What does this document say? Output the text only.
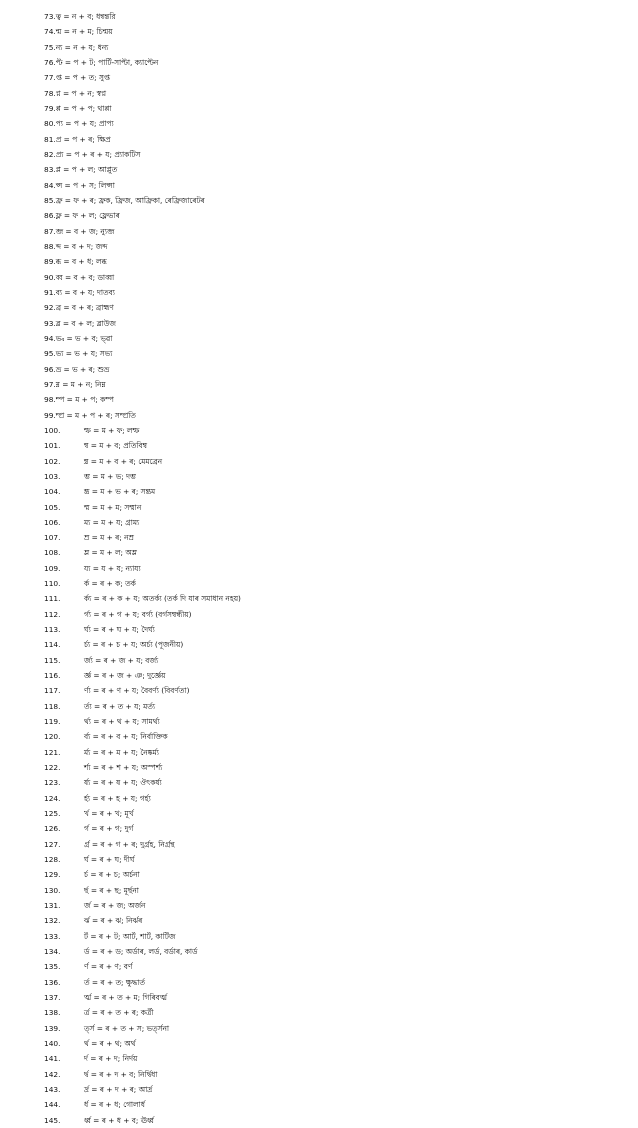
73.ত্ব = ন + ব; ধন্বন্তরি
74.ন্ম = ন + ম; চিন্ময়
75.ন্য = ন + য; ধন্য
76.প্ট = প + ট; পার্টি-সাপ্টা, ক্যাপ্টেন
77.প্ত = প + ত; সুপ্ত
78.প্ন = প + ন; স্বপ্ন
79.প্প = প + প; থাপ্পা
80.প্য = প + য; প্রাপ্য
81.প্র = প + ৰ; ক্ষিপ্ৰ
82.প্র্য = প + ৰ + য; প্ৰ্যাকটিস
83.প্ল = প + ল; আপ্লুত
84.প্স = প + স; লিপ্সা
85.ফ্র = ফ + ৰ; ফ্ৰক, ফ্ৰিজ, আফ্ৰিকা, ৰেফ্ৰিজাৰেটৰ
86.ফ্ল = ফ + ল; ফ্লেভাৰ
87.ব্জ = ব + জ; ন্যুব্জ
88.ব্দ = ব + দ; জব্দ
89.ব্ধ = ব + ধ; লব্ধ
90.ব্ব = ব + ব; ডাব্বা
91.ব্য = ব + য; দাতব্য
92.ব্র = ব + ৰ; ব্ৰাহ্মণ
93.ব্ল = ব + ল; ব্লাউজ
94.ভ্ব = ভ + ব; ভ্ৱা
95.ভ্য = ভ + য; সভ্য
96.ভ্র = ভ + ৰ; শুভ্ৰ
97.ম্ন = ম + ন; নিম্ন
98.ম্প = ম + প; কম্প
99.ম্প্র = ম + প + ৰ; সম্প্ৰতি
100.	ম্ফ = ম + ফ; লম্ফ
101.	ম্ব = ম + ব; প্রতিবিম্ব
102.	ম্ব্র = ম + ব + ৰ; মেমব্ৰেন
103.	ম্ভ = ম + ভ; দম্ভ
104.	ম্ভ্র = ম + ভ + ৰ; সম্ভ্ৰম
105.	ম্ম = ম + ম; সম্মান
106.	ম্য = ম + য; গ্ৰাম্য
107.	ম্র = ম + ৰ; নম্ৰ
108.	ম্ল = ম + ল; অম্ল
109.	য্য = য + য; ন্যায্য
110.	র্ক = ৰ + ক; তৰ্ক
111.	র্ক্য = ৰ + ক + য; অতৰ্ক্য (তৰ্ক দি যাৰ সমাধান নহয়)
112.	র্গ্য = ৰ + গ + য; বৰ্গ্য (বৰ্গসম্বন্ধীয়)
113.	র্ঘ্য = ৰ + ঘ + য; দৈৰ্ঘ্য
114.	র্চ্য = ৰ + চ + য; অৰ্চ্য (পূজনীয়)
115.	র্জ্য = ৰ + জ + য; বৰ্জ্য
116.	র্জ্ঞ = ৰ + জ + ঞ; দুৰ্জ্ঞেয়
117.	র্ণ্য = ৰ + ণ + য; বৈবৰ্ণ্য (বিবৰ্ণতা)
118.	র্ত্য = ৰ + ত + য; মৰ্ত্য
119.	র্থ্য = ৰ + থ + য; সামৰ্থ্য
120.	র্ব্য = ৰ + ব + য; নিৰ্বাক্তিক
121.	র্ম্য = ৰ + ম + য; নৈষ্কৰ্ম্য
122.	র্শ্য = ৰ + শ + য; অস্পৰ্শ্য
123.	র্ষ্য = ৰ + ষ + য; ঔৎকৰ্ষ্য
124.	র্হ্য = ৰ + হ + য; গৰ্হ্য
125.	র্খ = ৰ + খ; মূৰ্খ
126.	র্গ = ৰ + গ; দুৰ্গ
127.	র্গ্র = ৰ + গ + ৰ; দুৰ্গ্ৰহ, নিৰ্গ্ৰন্থ
128.	র্ঘ = ৰ + ঘ; দীৰ্ঘ
129.	র্চ = ৰ + চ; অৰ্চনা
130.	র্ছ = ৰ + ছ; মূৰ্ছনা
131.	র্জ = ৰ + জ; অৰ্জন
132.	র্ঝ = ৰ + ঝ; নিৰ্ঝৰ
133.	র্ট = ৰ + ট; আৰ্ট, শাৰ্ট, কাৰ্টিজ
134.	র্ড = ৰ + ড; অৰ্ডাৰ, লৰ্ড, বৰ্ডাৰ, কাৰ্ড
135.	র্ণ = ৰ + ণ; বৰ্ণ
136.	র্ত = ৰ + ত; ক্ষুদ্ধাৰ্ত
137.	র্ত্ম = ৰ + ত + ম; গিৰিবৰ্ত্ম
138.	র্ত্র = ৰ + ত + ৰ; কৰ্ত্ৰী
139.	র্ত্স = ৰ + ত + স; ভৰ্ত্সনা
140.	র্থ = ৰ + থ; অৰ্থ
141.	র্দ = ৰ + দ; নিৰ্দয়
142.	র্দ্ব = ৰ + দ + ব; নিৰ্দ্বিধা
143.	র্দ্র = ৰ + দ + ৰ; আৰ্দ্ৰ
144.	র্ধ = ৰ + ধ; গোলাৰ্ধ
145.	র্ধ্ব = ৰ + ধ + ব; ঊৰ্ধ্ব
